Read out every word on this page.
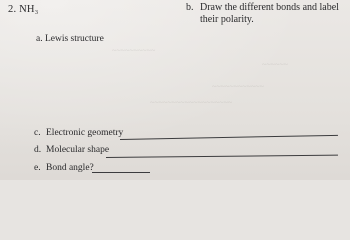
2. NH₃
a. Lewis structure
b. Draw the different bonds and label
their polarity.
~~~~~~~~~~
~~~~~~
~~~~~~~~~~~~
~~~~~~~~~~~~~~~~~~~
c. Electronic geometry
d. Molecular shape
e. Bond angle?
